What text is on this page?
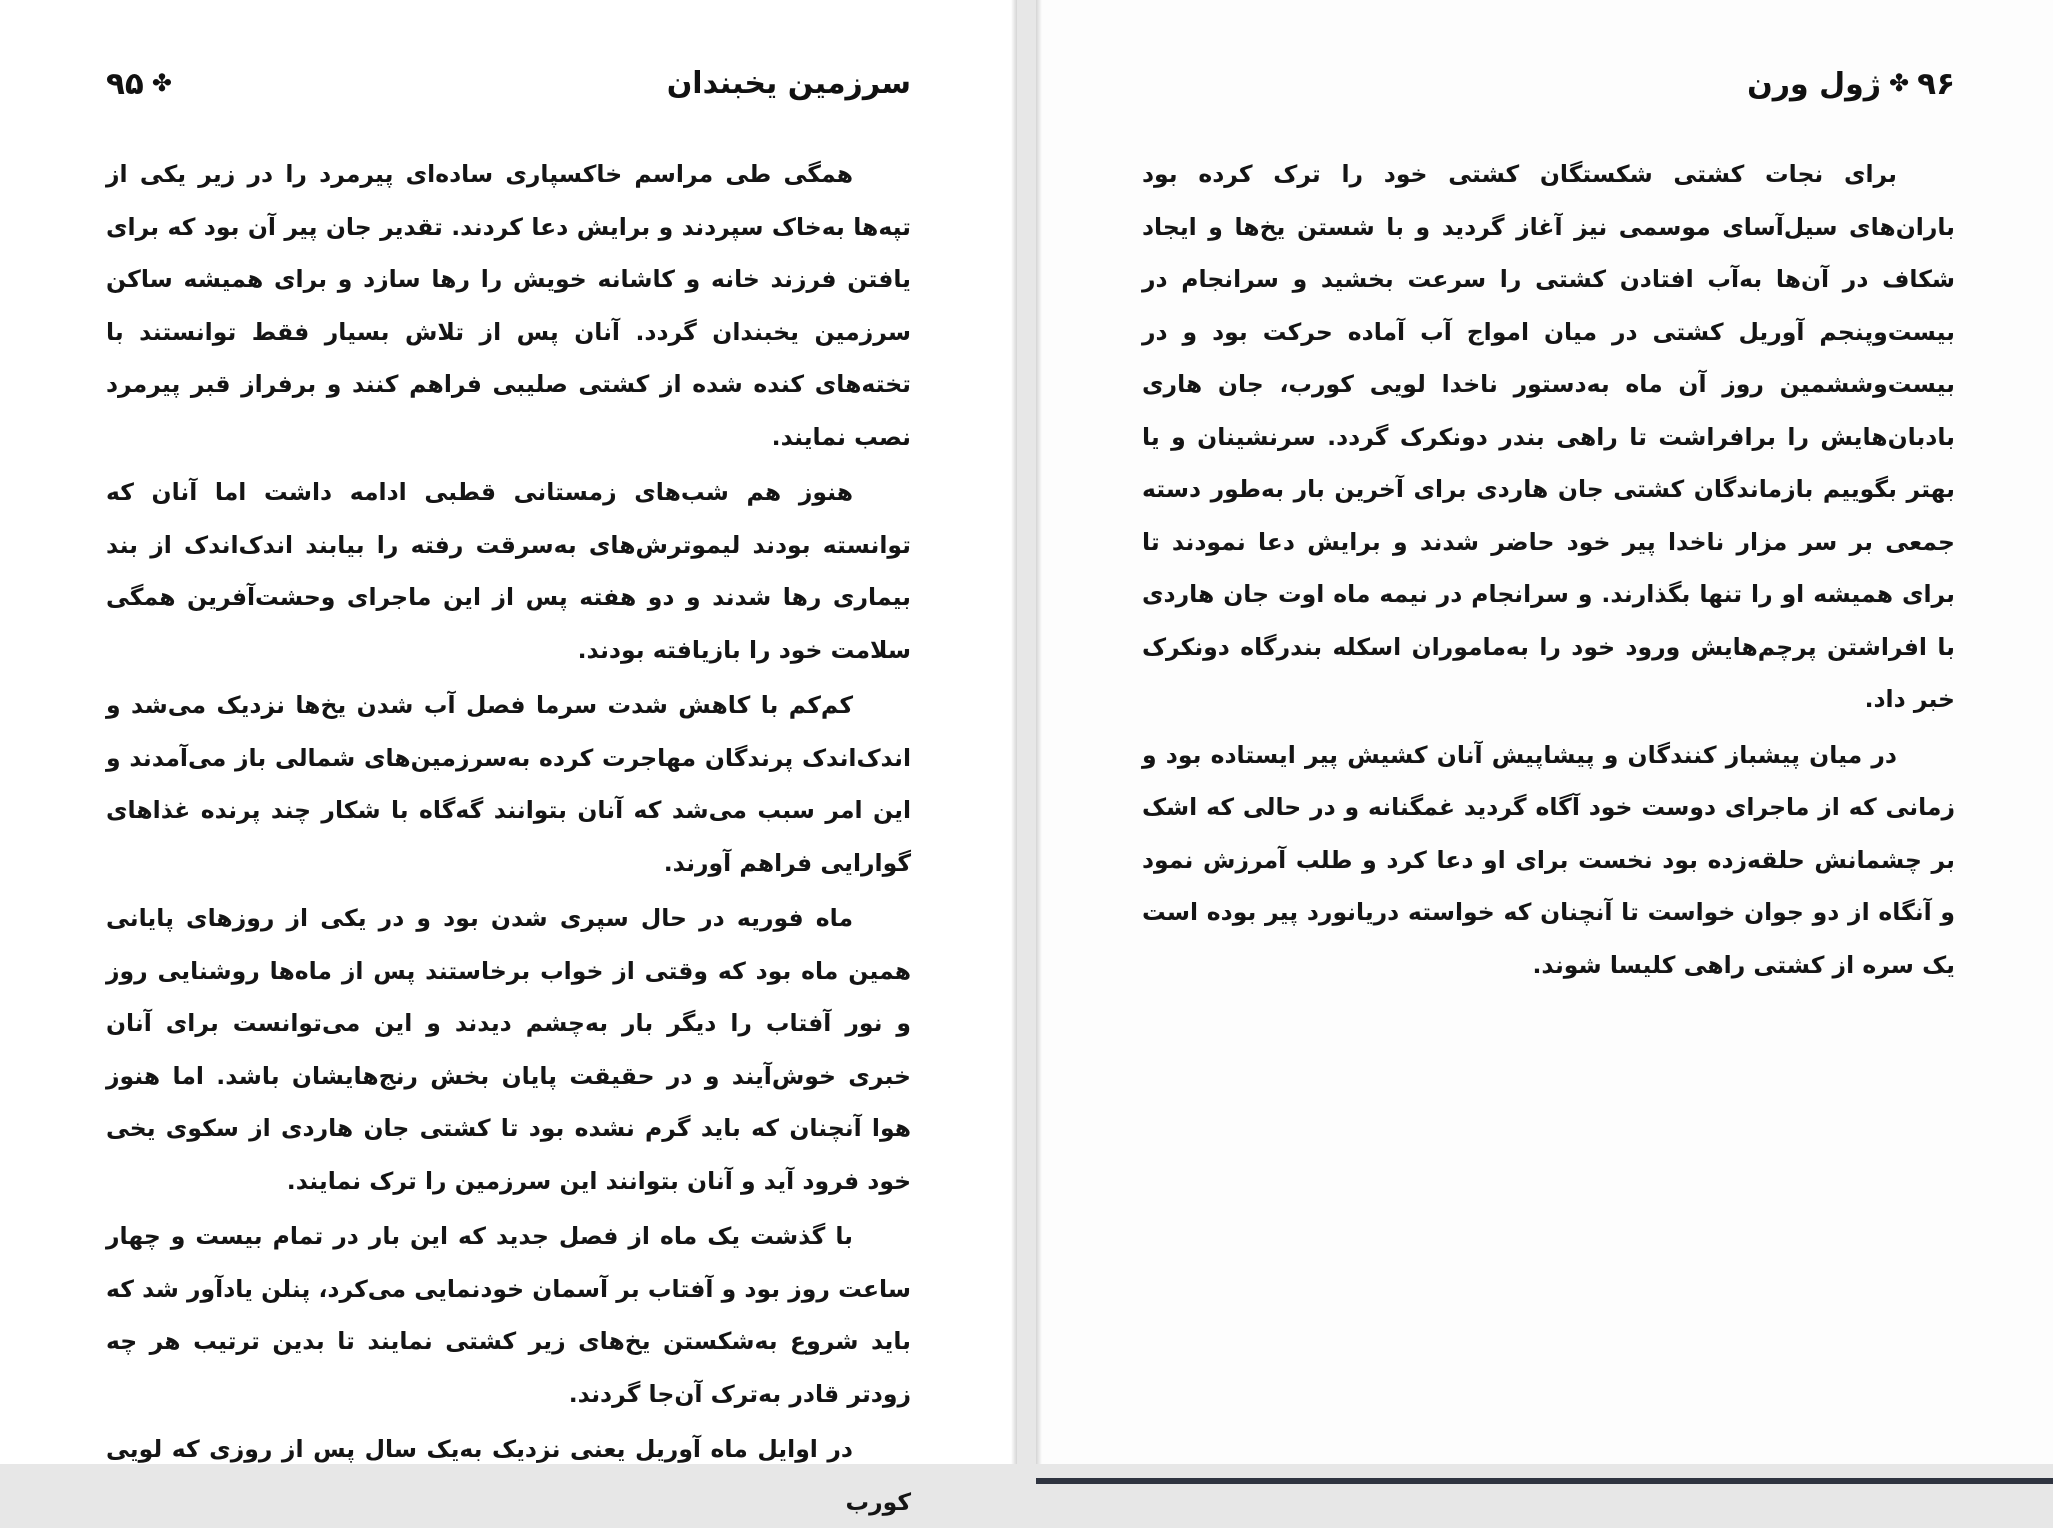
سرزمین یخبندان
✤۹۵

همگی طی مراسم خاکسپاری ساده‌ای پیرمرد را در زیر یکی از تپه‌ها به‌خاک سپردند و برایش دعا کردند. تقدیر جان پیر آن بود که برای یافتن فرزند خانه و کاشانه خویش را رها سازد و برای همیشه ساکن سرزمین یخبندان گردد. آنان پس از تلاش بسیار فقط توانستند با تخته‌های کنده شده از کشتی صلیبی فراهم کنند و برفراز قبر پیرمرد نصب نمایند.

هنوز هم شب‌های زمستانی قطبی ادامه داشت اما آنان که توانسته بودند لیموترش‌های به‌سرقت رفته را بیابند اندک‌اندک از بند بیماری رها شدند و دو هفته پس از این ماجرای وحشت‌آفرین همگی سلامت خود را بازیافته بودند.

کم‌کم با کاهش شدت سرما فصل آب شدن یخ‌ها نزدیک می‌شد و اندک‌اندک پرندگان مهاجرت کرده به‌سرزمین‌های شمالی باز می‌آمدند و این امر سبب می‌شد که آنان بتوانند گه‌گاه با شکار چند پرنده غذاهای گوارایی فراهم آورند.

ماه فوریه در حال سپری شدن بود و در یکی از روزهای پایانی همین ماه بود که وقتی از خواب برخاستند پس از ماه‌ها روشنایی روز و نور آفتاب را دیگر بار به‌چشم دیدند و این می‌توانست برای آنان خبری خوش‌آیند و در حقیقت پایان بخش رنج‌هایشان باشد. اما هنوز هوا آنچنان که باید گرم نشده بود تا کشتی جان هاردی از سکوی یخی خود فرود آید و آنان بتوانند این سرزمین را ترک نمایند.

با گذشت یک ماه از فصل جدید که این بار در تمام بیست و چهار ساعت روز بود و آفتاب بر آسمان خودنمایی می‌کرد، پنلن یادآور شد که باید شروع به‌شکستن یخ‌های زیر کشتی نمایند تا بدین ترتیب هر چه زودتر قادر به‌ترک آن‌جا گردند.

در اوایل ماه آوریل یعنی نزدیک به‌یک سال پس از روزی که لویی کورب

۹۶✤ژول ورن

برای نجات کشتی شکستگان کشتی خود را ترک کرده بود باران‌های سیل‌آسای موسمی نیز آغاز گردید و با شستن یخ‌ها و ایجاد شکاف در آن‌ها به‌آب افتادن کشتی را سرعت بخشید و سرانجام در بیست‌وپنجم آوریل کشتی در میان امواج آب آماده حرکت بود و در بیست‌وششمین روز آن ماه به‌دستور ناخدا لویی کورب، جان هاری بادبان‌هایش را برافراشت تا راهی بندر دونکرک گردد. سرنشینان و یا بهتر بگوییم بازماندگان کشتی جان هاردی برای آخرین بار به‌طور دسته جمعی بر سر مزار ناخدا پیر خود حاضر شدند و برایش دعا نمودند تا برای همیشه او را تنها بگذارند. و سرانجام در نیمه ماه اوت جان هاردی با افراشتن پرچم‌هایش ورود خود را به‌ماموران اسکله بندرگاه دونکرک خبر داد.

در میان پیشباز کنندگان و پیشاپیش آنان کشیش پیر ایستاده بود و زمانی که از ماجرای دوست خود آگاه گردید غمگنانه و در حالی که اشک بر چشمانش حلقه‌زده بود نخست برای او دعا کرد و طلب آمرزش نمود و آنگاه از دو جوان خواست تا آنچنان که خواسته دریانورد پیر بوده است یک سره از کشتی راهی کلیسا شوند.
